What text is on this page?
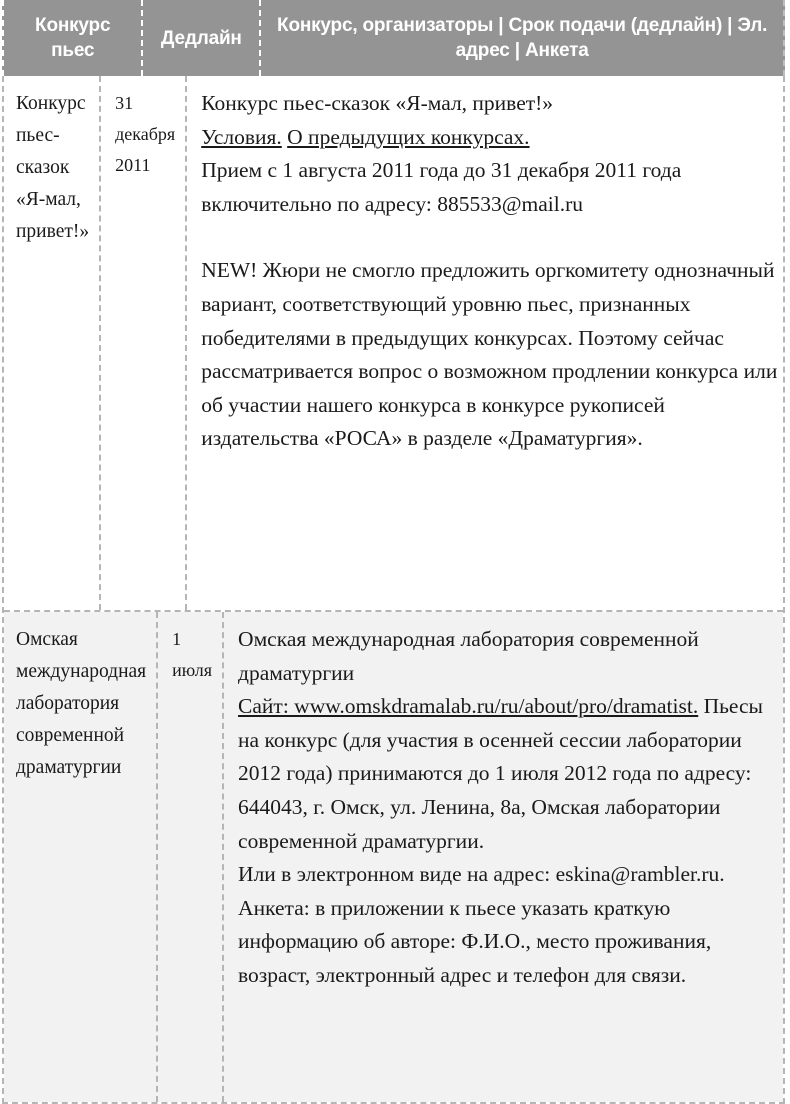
Конкурс пьес
Дедлайн
Конкурс, организаторы | Срок подачи (дедлайн) | Эл. адрес | Анкета
Конкурс пьес-сказок «Я-мал, привет!»
31 декабря 2011

Конкурс пьес-сказок «Я-мал, привет!»

Условия. О предыдущих конкурсах.

Прием с 1 августа 2011 года до 31 декабря 2011 года включительно по адресу: 885533@mail.ru

NEW! Жюри не смогло предложить оргкомитету однозначный вариант, соответствующий уровню пьес, признанных победителями в предыдущих конкурсах. Поэтому сейчас рассматривается вопрос о возможном продлении конкурса или об участии нашего конкурса в конкурсе рукописей издательства «РОСА» в разделе «Драматургия».

Омская международная лаборатория современной драматургии
1 июля

Омская международная лаборатория современной драматургии

Сайт: www.omskdramalab.ru/ru/about/pro/dramatist. Пьесы на конкурс (для участия в осенней сессии лаборатории 2012 года) принимаются до 1 июля 2012 года по адресу: 644043, г. Омск, ул. Ленина, 8а, Омская лаборатории современной драматургии.

Или в электронном виде на адрес: eskina@rambler.ru.

Анкета: в приложении к пьесе указать краткую информацию об авторе: Ф.И.О., место проживания, возраст, электронный адрес и телефон для связи.
